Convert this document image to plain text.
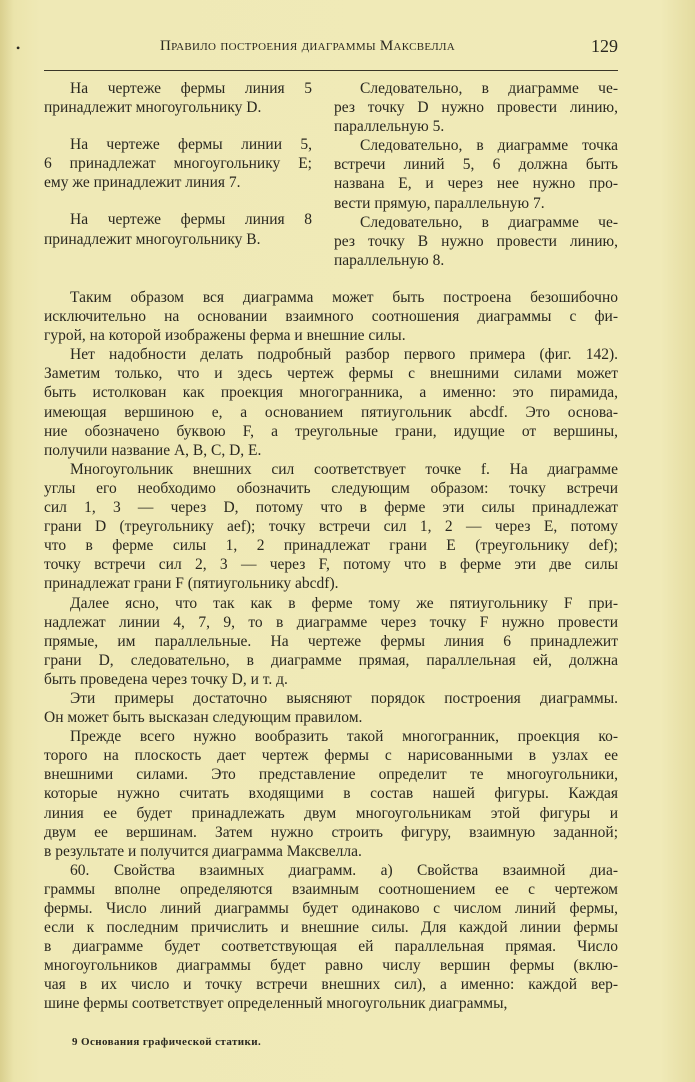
•	Правило построения диаграммы Максвелла	129
На чертеже фермы линия 5
принадлежит многоугольнику D.
На чертеже фермы линии 5,
6 принадлежат многоугольнику E;
ему же принадлежит линия 7.
На чертеже фермы линия 8
принадлежит многоугольнику B.
Следовательно, в диаграмме че-
рез точку D нужно провести линию,
параллельную 5.
Следовательно, в диаграмме точка
встречи линий 5, 6 должна быть
названа E, и через нее нужно про-
вести прямую, параллельную 7.
Следовательно, в диаграмме че-
рез точку B нужно провести линию,
параллельную 8.
Таким образом вся диаграмма может быть построена безошибочно
исключительно на основании взаимного соотношения диаграммы с фи-
гурой, на которой изображены ферма и внешние силы.
Нет надобности делать подробный разбор первого примера (фиг. 142).
Заметим только, что и здесь чертеж фермы с внешними силами может
быть истолкован как проекция многогранника, а именно: это пирамида,
имеющая вершиною e, а основанием пятиугольник abcdf. Это основа-
ние обозначено буквою F, а треугольные грани, идущие от вершины,
получили название A, B, C, D, E.
Многоугольник внешних сил соответствует точке f. На диаграмме
углы его необходимо обозначить следующим образом: точку встречи
сил 1, 3 — через D, потому что в ферме эти силы принадлежат
грани D (треугольнику aef); точку встречи сил 1, 2 — через E, потому
что в ферме силы 1, 2 принадлежат грани E (треугольнику def);
точку встречи сил 2, 3 — через F, потому что в ферме эти две силы
принадлежат грани F (пятиугольнику abcdf).
Далее ясно, что так как в ферме тому же пятиугольнику F при-
надлежат линии 4, 7, 9, то в диаграмме через точку F нужно провести
прямые, им параллельные. На чертеже фермы линия 6 принадлежит
грани D, следовательно, в диаграмме прямая, параллельная ей, должна
быть проведена через точку D, и т. д.
Эти примеры достаточно выясняют порядок построения диаграммы.
Он может быть высказан следующим правилом.
Прежде всего нужно вообразить такой многогранник, проекция ко-
торого на плоскость дает чертеж фермы с нарисованными в узлах ее
внешними силами. Это представление определит те многоугольники,
которые нужно считать входящими в состав нашей фигуры. Каждая
линия ее будет принадлежать двум многоугольникам этой фигуры и
двум ее вершинам. Затем нужно строить фигуру, взаимную заданной;
в результате и получится диаграмма Максвелла.
60. Свойства взаимных диаграмм. а) Свойства взаимной диа-
граммы вполне определяются взаимным соотношением ее с чертежом
фермы. Число линий диаграммы будет одинаково с числом линий фермы,
если к последним причислить и внешние силы. Для каждой линии фермы
в диаграмме будет соответствующая ей параллельная прямая. Число
многоугольников диаграммы будет равно числу вершин фермы (вклю-
чая в их число и точку встречи внешних сил), а именно: каждой вер-
шине фермы соответствует определенный многоугольник диаграммы,
9 Основания графической статики.
